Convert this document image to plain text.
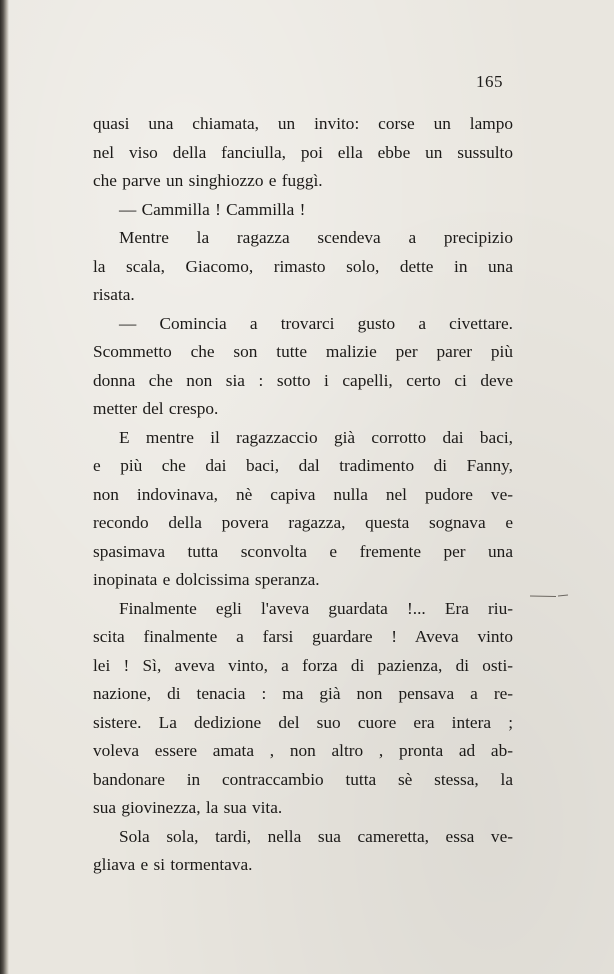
165
quasi una chiamata, un invito: corse un lampo
nel viso della fanciulla, poi ella ebbe un sussulto
che parve un singhiozzo e fuggì.
— Cammilla ! Cammilla !
Mentre la ragazza scendeva a precipizio
la scala, Giacomo, rimasto solo, dette in una
risata.
— Comincia a trovarci gusto a civettare.
Scommetto che son tutte malizie per parer più
donna che non sia : sotto i capelli, certo ci deve
metter del crespo.
E mentre il ragazzaccio già corrotto dai baci,
e più che dai baci, dal tradimento di Fanny,
non indovinava, nè capiva nulla nel pudore ve-
recondo della povera ragazza, questa sognava e
spasimava tutta sconvolta e fremente per una
inopinata e dolcissima speranza.
Finalmente egli l'aveva guardata !... Era riu-
scita finalmente a farsi guardare ! Aveva vinto
lei ! Sì, aveva vinto, a forza di pazienza, di osti-
nazione, di tenacia : ma già non pensava a re-
sistere. La dedizione del suo cuore era intera ;
voleva essere amata , non altro , pronta ad ab-
bandonare in contraccambio tutta sè stessa, la
sua giovinezza, la sua vita.
Sola sola, tardi, nella sua cameretta, essa ve-
gliava e si tormentava.
